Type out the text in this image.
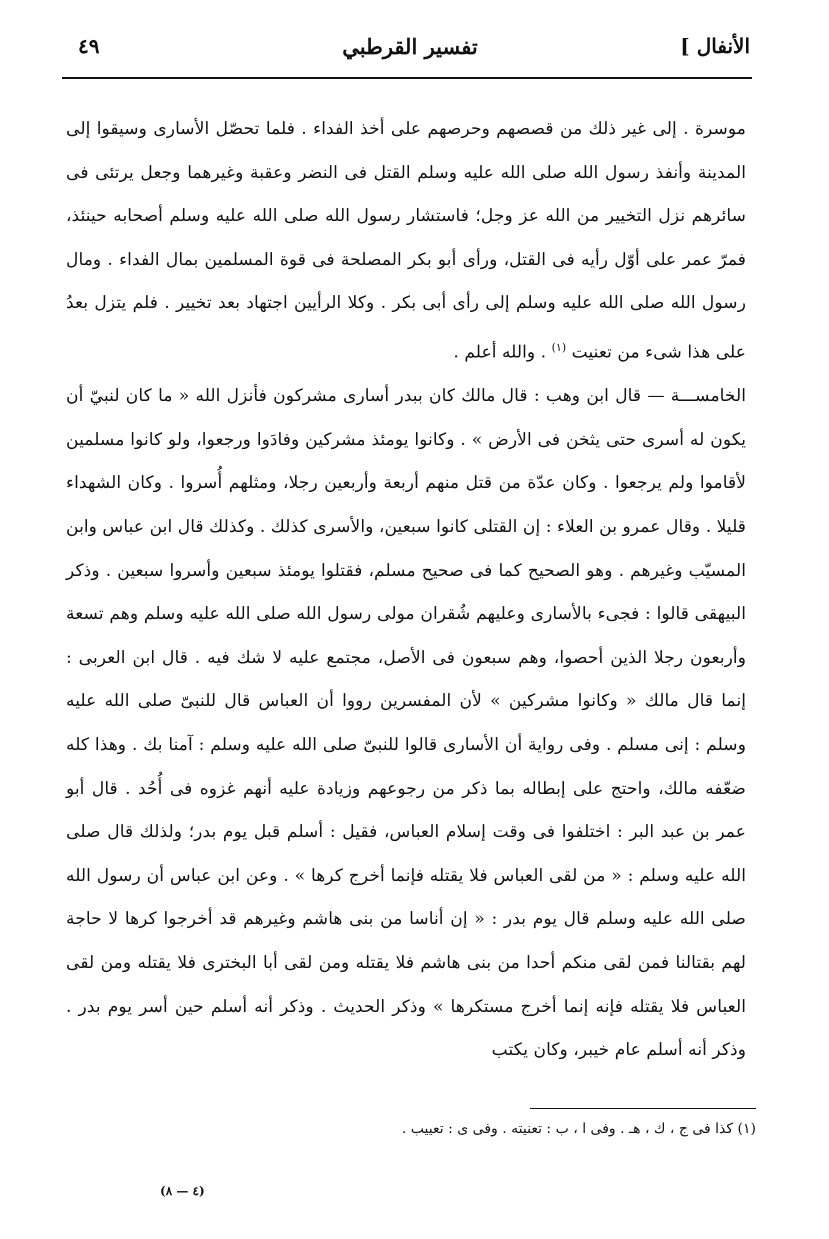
الأنفال ]
تفسير القرطبي
٤٩

موسرة . إلى غير ذلك من قصصهم وحرصهم على أخذ الفداء . فلما تحصّل الأسارى وسيقوا إلى المدينة وأنفذ رسول الله صلى الله عليه وسلم القتل فى النضر وعقبة وغيرهما وجعل يرتئى فى سائرهم نزل التخيير من الله عز وجل؛ فاستشار رسول الله صلى الله عليه وسلم أصحابه حينئذ، فمرّ عمر على أوّل رأيه فى القتل، ورأى أبو بكر المصلحة فى قوة المسلمين بمال الفداء . ومال رسول الله صلى الله عليه وسلم إلى رأى أبى بكر . وكلا الرأيين اجتهاد بعد تخيير . فلم يتزل بعدُ على هذا شىء من تعنيت $^{(١)}$ . والله أعلم .

الخامســـة — قال ابن وهب : قال مالك كان ببدر أسارى مشركون فأنزل الله « ما كان لنبيّ أن يكون له أسرى حتى يثخن فى الأرض » . وكانوا يومئذ مشركين وفادَوا ورجعوا، ولو كانوا مسلمين لأقاموا ولم يرجعوا . وكان عدّة من قتل منهم أربعة وأربعين رجلا، ومثلهم أُسروا . وكان الشهداء قليلا . وقال عمرو بن العلاء : إن القتلى كانوا سبعين، والأسرى كذلك . وكذلك قال ابن عباس وابن المسيّب وغيرهم . وهو الصحيح كما فى صحيح مسلم، فقتلوا يومئذ سبعين وأسروا سبعين . وذكر البيهقى قالوا : فجىء بالأسارى وعليهم شُقران مولى رسول الله صلى الله عليه وسلم وهم تسعة وأربعون رجلا الذين أحصوا، وهم سبعون فى الأصل، مجتمع عليه لا شك فيه . قال ابن العربى : إنما قال مالك « وكانوا مشركين » لأن المفسرين رووا أن العباس قال للنبىّ صلى الله عليه وسلم : إنى مسلم . وفى رواية أن الأسارى قالوا للنبىّ صلى الله عليه وسلم : آمنا بك . وهذا كله ضعّفه مالك، واحتج على إبطاله بما ذكر من رجوعهم وزيادة عليه أنهم غزوه فى أُحُد . قال أبو عمر بن عبد البر : اختلفوا فى وقت إسلام العباس، فقيل : أسلم قبل يوم بدر؛ ولذلك قال صلى الله عليه وسلم : « من لقى العباس فلا يقتله فإنما أخرج كرها » . وعن ابن عباس أن رسول الله صلى الله عليه وسلم قال يوم بدر : « إن أناسا من بنى هاشم وغيرهم قد أخرجوا كرها لا حاجة لهم بقتالنا فمن لقى منكم أحدا من بنى هاشم فلا يقتله ومن لقى أبا البخترى فلا يقتله ومن لقى العباس فلا يقتله فإنه إنما أخرج مستكرها » وذكر الحديث . وذكر أنه أسلم حين أسر يوم بدر . وذكر أنه أسلم عام خيبر، وكان يكتب

(١) كذا فى ج ، ك ، هـ . وفى ا ، ب : تعنيته . وفى ى : تعييب .
(٤ — ٨)
